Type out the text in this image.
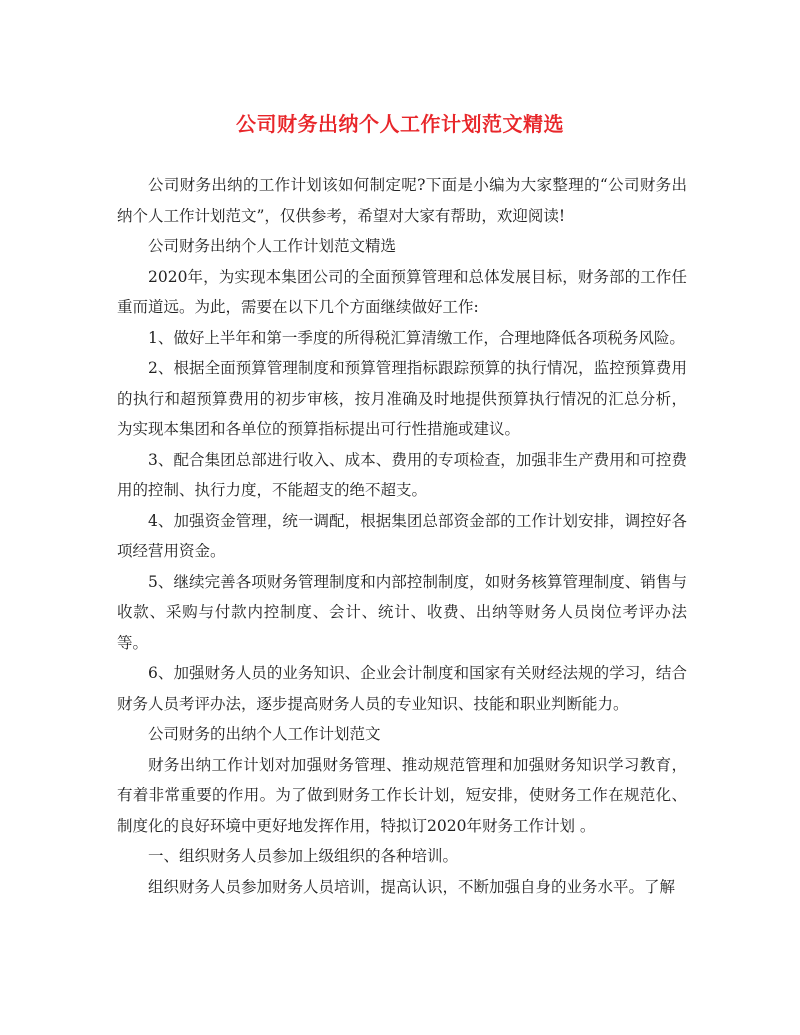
公司财务出纳个人工作计划范文精选

公司财务出纳的工作计划该如何制定呢?下面是小编为大家整理的“公司财务出纳个人工作计划范文”，仅供参考，希望对大家有帮助，欢迎阅读!

公司财务出纳个人工作计划范文精选

2020年，为实现本集团公司的全面预算管理和总体发展目标，财务部的工作任重而道远。为此，需要在以下几个方面继续做好工作:

1、做好上半年和第一季度的所得税汇算清缴工作，合理地降低各项税务风险。

2、根据全面预算管理制度和预算管理指标跟踪预算的执行情况，监控预算费用的执行和超预算费用的初步审核，按月准确及时地提供预算执行情况的汇总分析，为实现本集团和各单位的预算指标提出可行性措施或建议。

3、配合集团总部进行收入、成本、费用的专项检查，加强非生产费用和可控费用的控制、执行力度，不能超支的绝不超支。

4、加强资金管理，统一调配，根据集团总部资金部的工作计划安排，调控好各项经营用资金。

5、继续完善各项财务管理制度和内部控制制度，如财务核算管理制度、销售与收款、采购与付款内控制度、会计、统计、收费、出纳等财务人员岗位考评办法等。

6、加强财务人员的业务知识、企业会计制度和国家有关财经法规的学习，结合财务人员考评办法，逐步提高财务人员的专业知识、技能和职业判断能力。

公司财务的出纳个人工作计划范文

财务出纳工作计划对加强财务管理、推动规范管理和加强财务知识学习教育，有着非常重要的作用。为了做到财务工作长计划，短安排，使财务工作在规范化、制度化的良好环境中更好地发挥作用，特拟订2020年财务工作计划 。

一、组织财务人员参加上级组织的各种培训。

组织财务人员参加财务人员培训，提高认识，不断加强自身的业务水平。了解
